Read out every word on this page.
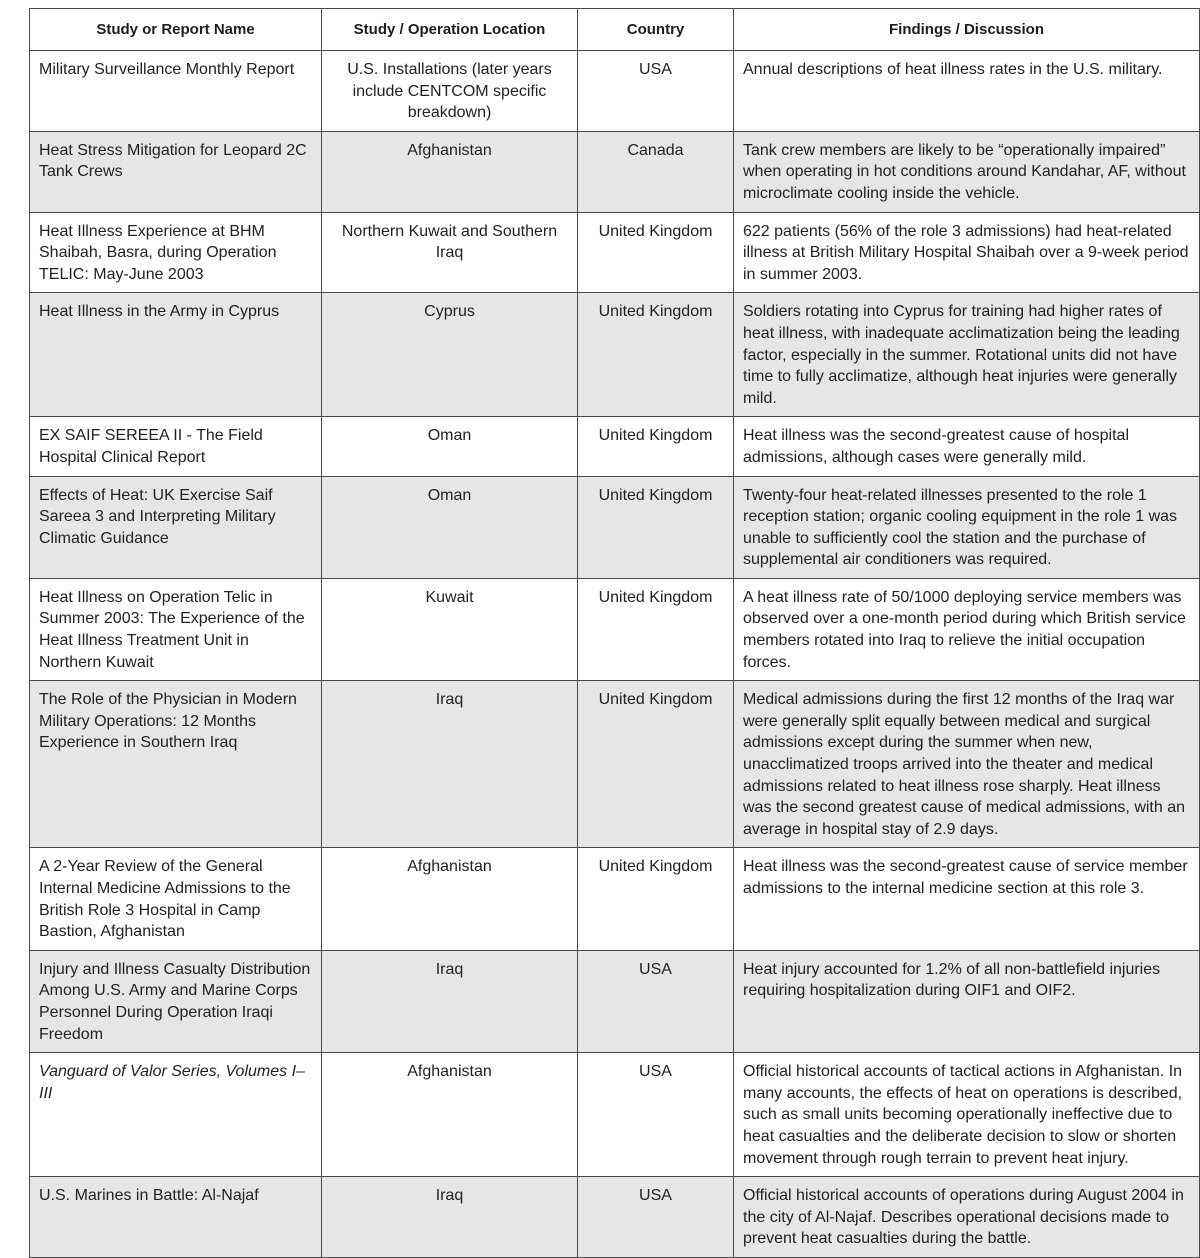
Study or Report Name	Study / Operation Location	Country	Findings / Discussion
Military Surveillance Monthly Report	U.S. Installations (later years include CENTCOM specific breakdown)	USA	Annual descriptions of heat illness rates in the U.S. military.
Heat Stress Mitigation for Leopard 2C Tank Crews	Afghanistan	Canada	Tank crew members are likely to be “operationally impaired” when operating in hot conditions around Kandahar, AF, without microclimate cooling inside the vehicle.
Heat Illness Experience at BHM Shaibah, Basra, during Operation TELIC: May-June 2003	Northern Kuwait and Southern Iraq	United Kingdom	622 patients (56% of the role 3 admissions) had heat-related illness at British Military Hospital Shaibah over a 9-week period in summer 2003.
Heat Illness in the Army in Cyprus	Cyprus	United Kingdom	Soldiers rotating into Cyprus for training had higher rates of heat illness, with inadequate acclimatization being the leading factor, especially in the summer. Rotational units did not have time to fully acclimatize, although heat injuries were generally mild.
EX SAIF SEREEA II - The Field Hospital Clinical Report	Oman	United Kingdom	Heat illness was the second-greatest cause of hospital admissions, although cases were generally mild.
Effects of Heat: UK Exercise Saif Sareea 3 and Interpreting Military Climatic Guidance	Oman	United Kingdom	Twenty-four heat-related illnesses presented to the role 1 reception station; organic cooling equipment in the role 1 was unable to sufficiently cool the station and the purchase of supplemental air conditioners was required.
Heat Illness on Operation Telic in Summer 2003: The Experience of the Heat Illness Treatment Unit in Northern Kuwait	Kuwait	United Kingdom	A heat illness rate of 50/1000 deploying service members was observed over a one-month period during which British service members rotated into Iraq to relieve the initial occupation forces.
The Role of the Physician in Modern Military Operations: 12 Months Experience in Southern Iraq	Iraq	United Kingdom	Medical admissions during the first 12 months of the Iraq war were generally split equally between medical and surgical admissions except during the summer when new, unacclimatized troops arrived into the theater and medical admissions related to heat illness rose sharply. Heat illness was the second greatest cause of medical admissions, with an average in hospital stay of 2.9 days.
A 2-Year Review of the General Internal Medicine Admissions to the British Role 3 Hospital in Camp Bastion, Afghanistan	Afghanistan	United Kingdom	Heat illness was the second-greatest cause of service member admissions to the internal medicine section at this role 3.
Injury and Illness Casualty Distribution Among U.S. Army and Marine Corps Personnel During Operation Iraqi Freedom	Iraq	USA	Heat injury accounted for 1.2% of all non-battlefield injuries requiring hospitalization during OIF1 and OIF2.
Vanguard of Valor Series, Volumes I–III	Afghanistan	USA	Official historical accounts of tactical actions in Afghanistan. In many accounts, the effects of heat on operations is described, such as small units becoming operationally ineffective due to heat casualties and the deliberate decision to slow or shorten movement through rough terrain to prevent heat injury.
U.S. Marines in Battle: Al-Najaf	Iraq	USA	Official historical accounts of operations during August 2004 in the city of Al-Najaf. Describes operational decisions made to prevent heat casualties during the battle.
